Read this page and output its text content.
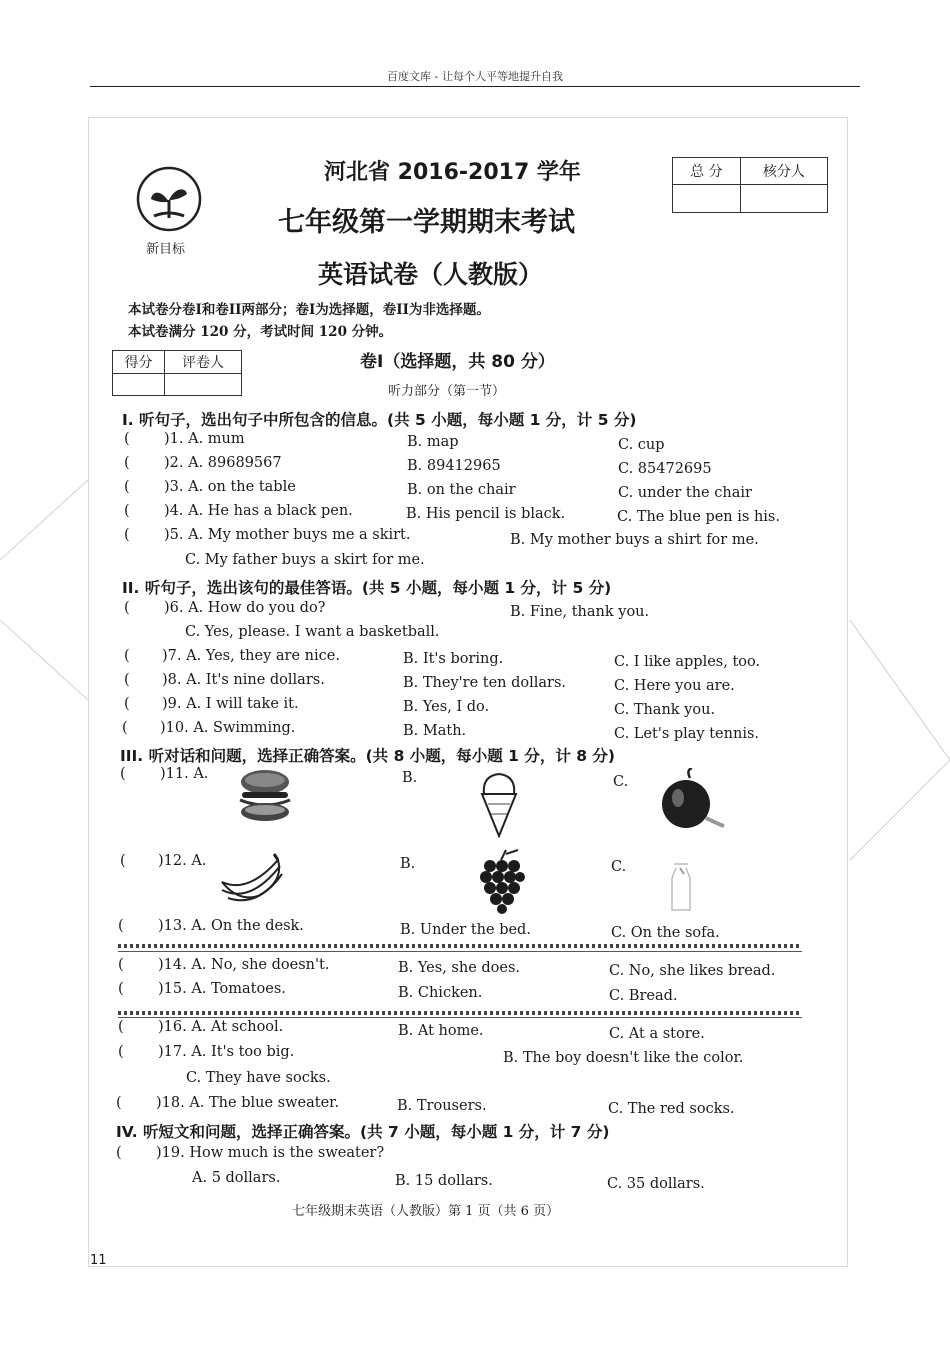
百度文库 - 让每个人平等地提升自我
新目标
河北省 2016-2017 学年
七年级第一学期期末考试
英语试卷（人教版）
总 分	核分人

本试卷分卷I和卷II两部分；卷I为选择题，卷II为非选择题。
本试卷满分 120 分，考试时间 120 分钟。
得分	评卷人
		卷I（选择题，共 80 分）
听力部分（第一节）
I. 听句子，选出句子中所包含的信息。(共 5 小题，每小题 1 分，计 5 分)
( )1. A. mum	B. map	C. cup
( )2. A. 89689567	B. 89412965	C. 85472695
( )3. A. on the table	B. on the chair	C. under the chair
( )4. A. He has a black pen.	B. His pencil is black.	C. The blue pen is his.
( )5. A. My mother buys me a skirt.	B. My mother buys a shirt for me.
C. My father buys a skirt for me.
II. 听句子，选出该句的最佳答语。(共 5 小题，每小题 1 分，计 5 分)
( )6. A. How do you do?	B. Fine, thank you.
C. Yes, please. I want a basketball.
( )7. A. Yes, they are nice.	B. It's boring.	C. I like apples, too.
( )8. A. It's nine dollars.	B. They're ten dollars.	C. Here you are.
( )9. A. I will take it.	B. Yes, I do.	C. Thank you.
( )10. A. Swimming.	B. Math.	C. Let's play tennis.
III. 听对话和问题，选择正确答案。(共 8 小题，每小题 1 分，计 8 分)
( )11. A.	B.	C.
( )12. A.	B.	C.
( )13. A. On the desk.	B. Under the bed.	C. On the sofa.
( )14. A. No, she doesn't.	B. Yes, she does.	C. No, she likes bread.
( )15. A. Tomatoes.	B. Chicken.	C. Bread.
( )16. A. At school.	B. At home.	C. At a store.
( )17. A. It's too big.	B. The boy doesn't like the color.
C. They have socks.
( )18. A. The blue sweater.	B. Trousers.	C. The red socks.
IV. 听短文和问题，选择正确答案。(共 7 小题，每小题 1 分，计 7 分)
( )19. How much is the sweater?
A. 5 dollars.	B. 15 dollars.	C. 35 dollars.
七年级期末英语（人教版）第 1 页（共 6 页）
11
